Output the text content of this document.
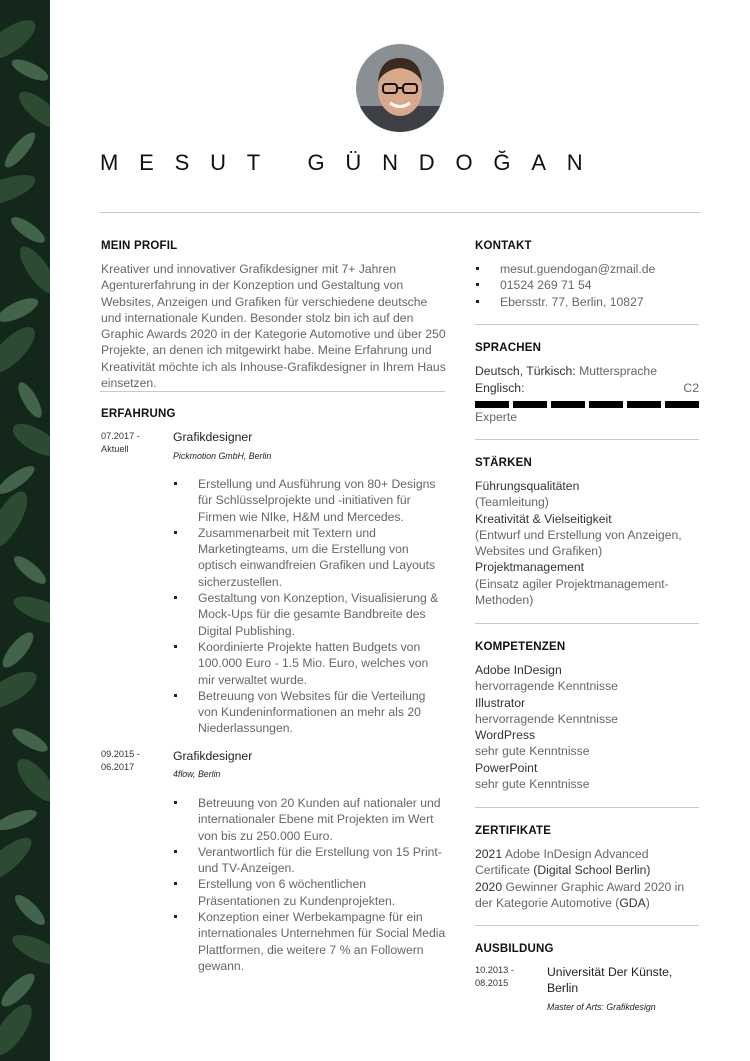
MESUT GÜNDOĞAN
MEIN PROFIL
Kreativer und innovativer Grafikdesigner mit 7+ Jahren Agenturerfahrung in der Konzeption und Gestaltung von Websites, Anzeigen und Grafiken für verschiedene deutsche und internationale Kunden. Besonder stolz bin ich auf den Graphic Awards 2020 in der Kategorie Automotive und über 250 Projekte, an denen ich mitgewirkt habe. Meine Erfahrung und Kreativität möchte ich als Inhouse-Grafikdesigner in Ihrem Haus einsetzen.
ERFAHRUNG
07.2017 - Aktuell
Grafikdesigner
Pickmotion GmbH, Berlin
Erstellung und Ausführung von 80+ Designs für Schlüsselprojekte und -initiativen für Firmen wie NIke, H&M und Mercedes.
Zusammenarbeit mit Textern und Marketingteams, um die Erstellung von optisch einwandfreien Grafiken und Layouts sicherzustellen.
Gestaltung von Konzeption, Visualisierung & Mock-Ups für die gesamte Bandbreite des Digital Publishing.
Koordinierte Projekte hatten Budgets von 100.000 Euro - 1.5 Mio. Euro, welches von mir verwaltet wurde.
Betreuung von Websites für die Verteilung von Kundeninformationen an mehr als 20 Niederlassungen.
09.2015 - 06.2017
Grafikdesigner
4flow, Berlin
Betreuung von 20 Kunden auf nationaler und internationaler Ebene mit Projekten im Wert von bis zu 250.000 Euro.
Verantwortlich für die Erstellung von 15 Print- und TV-Anzeigen.
Erstellung von 6 wöchentlichen Präsentationen zu Kundenprojekten.
Konzeption einer Werbekampagne für ein internationales Unternehmen für Social Media Plattformen, die weitere 7 % an Followern gewann.
KONTAKT
mesut.guendogan@zmail.de
01524 269 71 54
Ebersstr. 77, Berlin, 10827
SPRACHEN
Deutsch, Türkisch: Muttersprache
Englisch:	C2
Experte
STÄRKEN
Führungsqualitäten
(Teamleitung)
Kreativität & Vielseitigkeit
(Entwurf und Erstellung von Anzeigen, Websites und Grafiken)
Projektmanagement
(Einsatz agiler Projektmanagement-Methoden)
KOMPETENZEN
Adobe InDesign
hervorragende Kenntnisse
Illustrator
hervorragende Kenntnisse
WordPress
sehr gute Kenntnisse
PowerPoint
sehr gute Kenntnisse
ZERTIFIKATE
2021 Adobe InDesign Advanced Certificate (Digital School Berlin)
2020 Gewinner Graphic Award 2020 in der Kategorie Automotive (GDA)
AUSBILDUNG
10.2013 - 08.2015
Universität Der Künste, Berlin
Master of Arts: Grafikdesign
